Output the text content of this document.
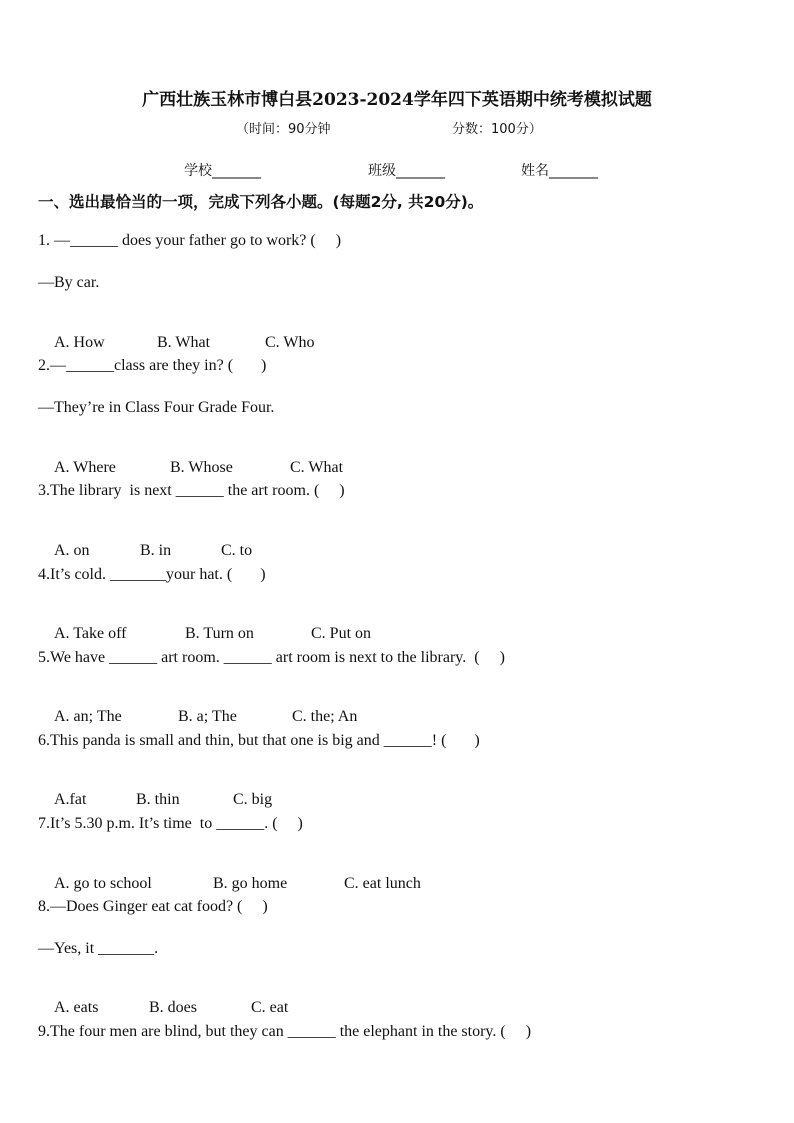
广西壮族玉林市博白县2023-2024学年四下英语期中统考模拟试题
（时间：90分钟	分数：100分）
学校_______	班级_______	姓名_______
一、选出最恰当的一项，完成下列各小题。(每题2分, 共20分)。
1. —______ does your father go to work? (     )
—By car.

A. How	B. What	C. Who

2.—______class are they in? (       )
—They’re in Class Four Grade Four.

A. Where	B. Whose	C. What

3.The library  is next ______ the art room. (     )

A. on	B. in	C. to

4.It’s cold. _______your hat. (       )

A. Take off	B. Turn on	C. Put on

5.We have ______ art room. ______ art room is next to the library.  (     )

A. an; The	B. a; The	C. the; An

6.This panda is small and thin, but that one is big and ______! (       )

A.fat	B. thin	C. big

7.It’s 5.30 p.m. It’s time  to ______. (     )

A. go to school	B. go home	C. eat lunch

8.—Does Ginger eat cat food? (     )
—Yes, it _______.

A. eats	B. does	C. eat

9.The four men are blind, but they can ______ the elephant in the story. (     )
